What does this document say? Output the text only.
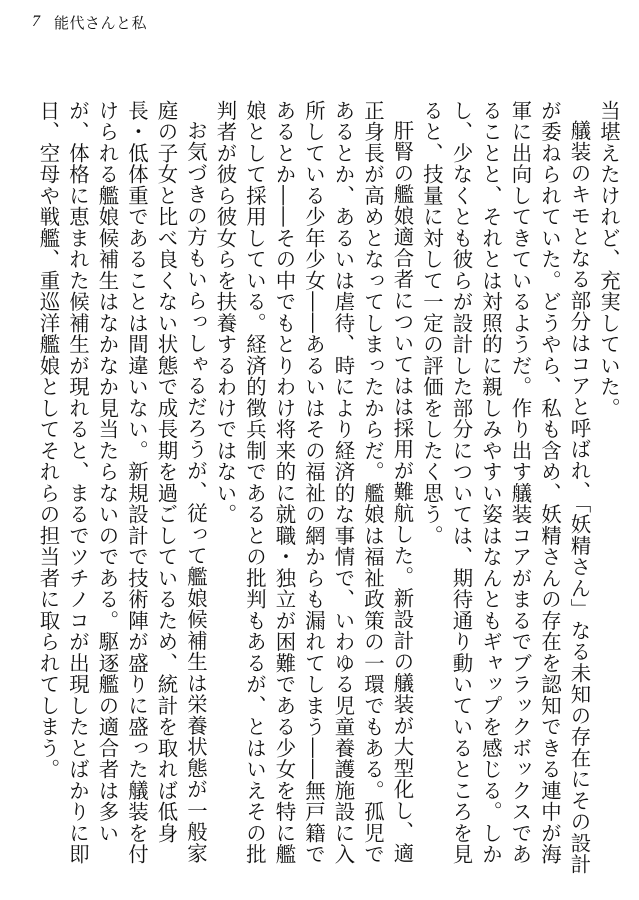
7 能代さんと私

当堪えたけれど、充実していた。

艤装のキモとなる部分はコアと呼ばれ、「妖精さん」なる未知の存在にその設計が委ねられていた。どうやら、私も含め、妖精さんの存在を認知できる連中が海軍に出向してきているようだ。作り出す艤装コアがまるでブラックボックスであることと、それとは対照的に親しみやすい姿はなんともギャップを感じる。しかし、少なくとも彼らが設計した部分については、期待通り動いているところを見ると、技量に対して一定の評価をしたく思う。

肝腎の艦娘適合者についてはは採用が難航した。新設計の艤装が大型化し、適正身長が高めとなってしまったからだ。艦娘は福祉政策の一環でもある。孤児であるとか、あるいは虐待、時により経済的な事情で、いわゆる児童養護施設に入所している少年少女――あるいはその福祉の網からも漏れてしまう――無戸籍であるとか――その中でもとりわけ将来的に就職・独立が困難である少女を特に艦娘として採用している。経済的徴兵制であるとの批判もあるが、とはいえその批判者が彼ら彼女らを扶養するわけではない。

お気づきの方もいらっしゃるだろうが、従って艦娘候補生は栄養状態が一般家庭の子女と比べ良くない状態で成長期を過ごしているため、統計を取れば低身長・低体重であることは間違いない。新規設計で技術陣が盛りに盛った艤装を付けられる艦娘候補生はなかなか見当たらないのである。駆逐艦の適合者は多いが、体格に恵まれた候補生が現れると、まるでツチノコが出現したとばかりに即日、空母や戦艦、重巡洋艦娘としてそれらの担当者に取られてしまう。
